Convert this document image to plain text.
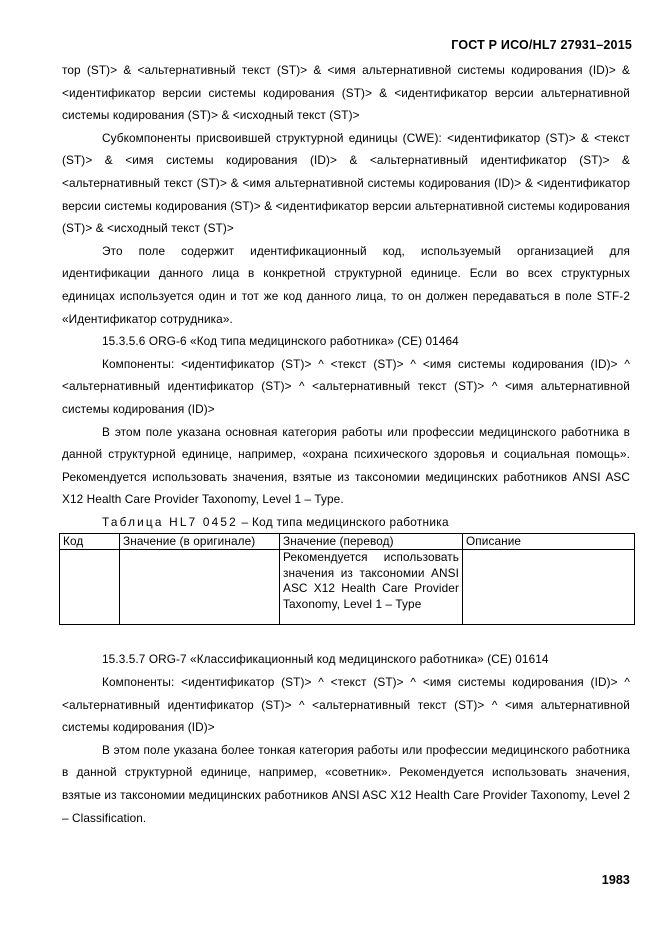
ГОСТ Р ИСО/HL7 27931–2015

тор (ST)> & <альтернативный текст (ST)> & <имя альтернативной системы кодирования (ID)> & <идентификатор версии системы кодирования (ST)> & <идентификатор версии альтернативной системы кодирования (ST)> & <исходный текст (ST)>

Субкомпоненты присвоившей структурной единицы (CWE): <идентификатор (ST)> & <текст (ST)> & <имя системы кодирования (ID)> & <альтернативный идентификатор (ST)> & <альтернативный текст (ST)> & <имя альтернативной системы кодирования (ID)> & <идентификатор версии системы кодирования (ST)> & <идентификатор версии альтернативной системы кодирования (ST)> & <исходный текст (ST)>

Это поле содержит идентификационный код, используемый организацией для идентификации данного лица в конкретной структурной единице. Если во всех структурных единицах используется один и тот же код данного лица, то он должен передаваться в поле STF-2 «Идентификатор сотрудника».

15.3.5.6 ORG-6 «Код типа медицинского работника» (CE) 01464

Компоненты: <идентификатор (ST)> ^ <текст (ST)> ^ <имя системы кодирования (ID)> ^ <альтернативный идентификатор (ST)> ^ <альтернативный текст (ST)> ^ <имя альтернативной системы кодирования (ID)>

В этом поле указана основная категория работы или профессии медицинского работника в данной структурной единице, например, «охрана психического здоровья и социальная помощь». Рекомендуется использовать значения, взятые из таксономии медицинских работников ANSI ASC X12 Health Care Provider Taxonomy, Level 1 – Type.

Таблица HL7 0452 – Код типа медицинского работника

Код	Значение (в оригинале)	Значение (перевод)	Описание
		Рекомендуется использовать значения из таксономии ANSI ASC X12 Health Care Provider Taxonomy, Level 1 – Type	

15.3.5.7 ORG-7 «Классификационный код медицинского работника» (CE) 01614

Компоненты: <идентификатор (ST)> ^ <текст (ST)> ^ <имя системы кодирования (ID)> ^ <альтернативный идентификатор (ST)> ^ <альтернативный текст (ST)> ^ <имя альтернативной системы кодирования (ID)>

В этом поле указана более тонкая категория работы или профессии медицинского работника в данной структурной единице, например, «советник». Рекомендуется использовать значения, взятые из таксономии медицинских работников ANSI ASC X12 Health Care Provider Taxonomy, Level 2 – Classification.

1983
